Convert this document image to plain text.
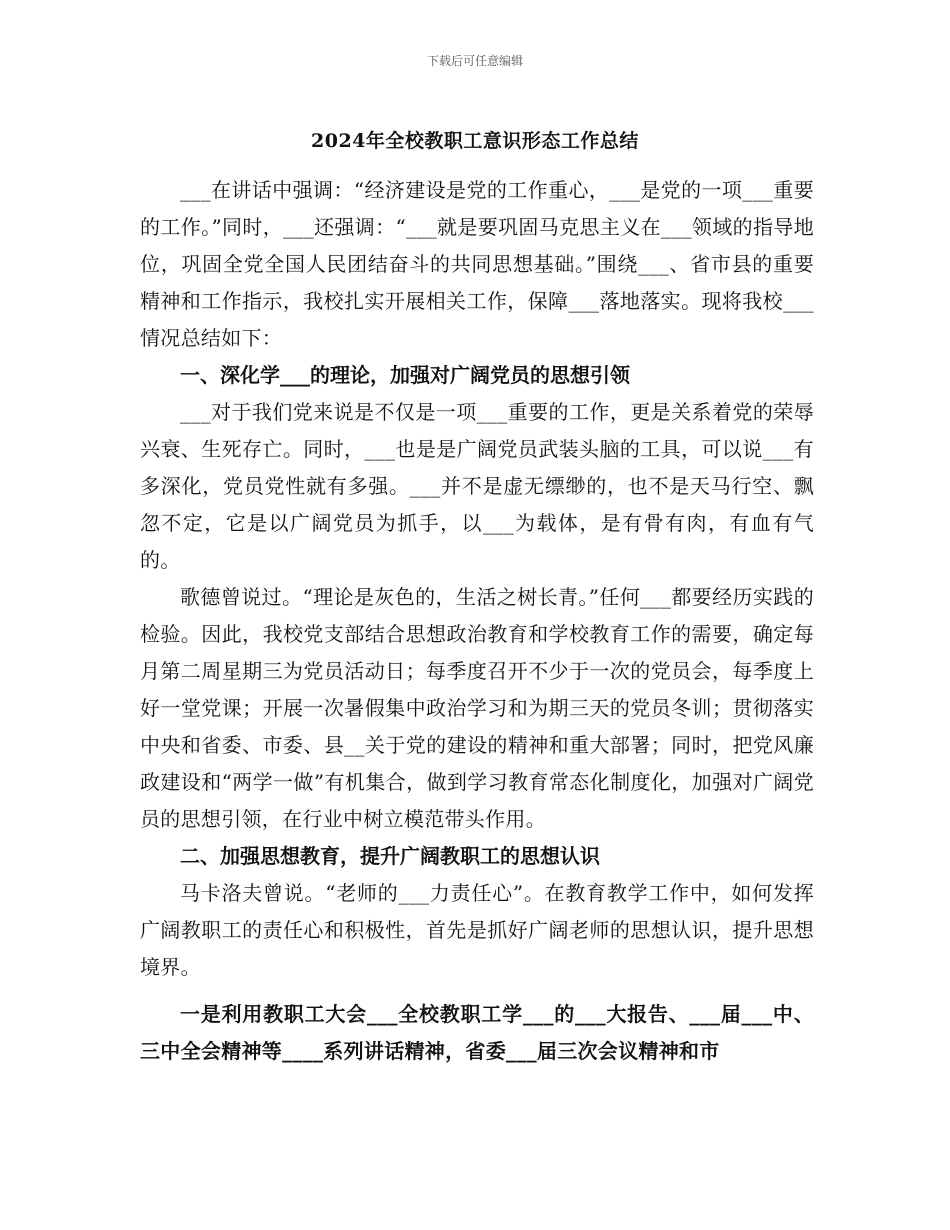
下载后可任意编辑
2024年全校教职工意识形态工作总结

___在讲话中强调：“经济建设是党的工作重心，___是党的一项___重要的工作。”同时，___还强调：“___就是要巩固马克思主义在___领域的指导地位，巩固全党全国人民团结奋斗的共同思想基础。”围绕___、省市县的重要精神和工作指示，我校扎实开展相关工作，保障___落地落实。现将我校___情况总结如下：

一、深化学___的理论，加强对广阔党员的思想引领

___对于我们党来说是不仅是一项___重要的工作，更是关系着党的荣辱兴衰、生死存亡。同时，___也是是广阔党员武装头脑的工具，可以说___有多深化，党员党性就有多强。___并不是虚无缥缈的，也不是天马行空、飘忽不定，它是以广阔党员为抓手，以___为载体，是有骨有肉，有血有气的。

歌德曾说过。“理论是灰色的，生活之树长青。”任何___都要经历实践的检验。因此，我校党支部结合思想政治教育和学校教育工作的需要，确定每月第二周星期三为党员活动日；每季度召开不少于一次的党员会，每季度上好一堂党课；开展一次暑假集中政治学习和为期三天的党员冬训；贯彻落实中央和省委、市委、县__关于党的建设的精神和重大部署；同时，把党风廉政建设和“两学一做”有机集合，做到学习教育常态化制度化，加强对广阔党员的思想引领，在行业中树立模范带头作用。

二、加强思想教育，提升广阔教职工的思想认识

马卡洛夫曾说。“老师的___力责任心”。在教育教学工作中，如何发挥广阔教职工的责任心和积极性，首先是抓好广阔老师的思想认识，提升思想境界。

一是利用教职工大会___全校教职工学___的___大报告、___届___中、三中全会精神等____系列讲话精神，省委___届三次会议精神和市
